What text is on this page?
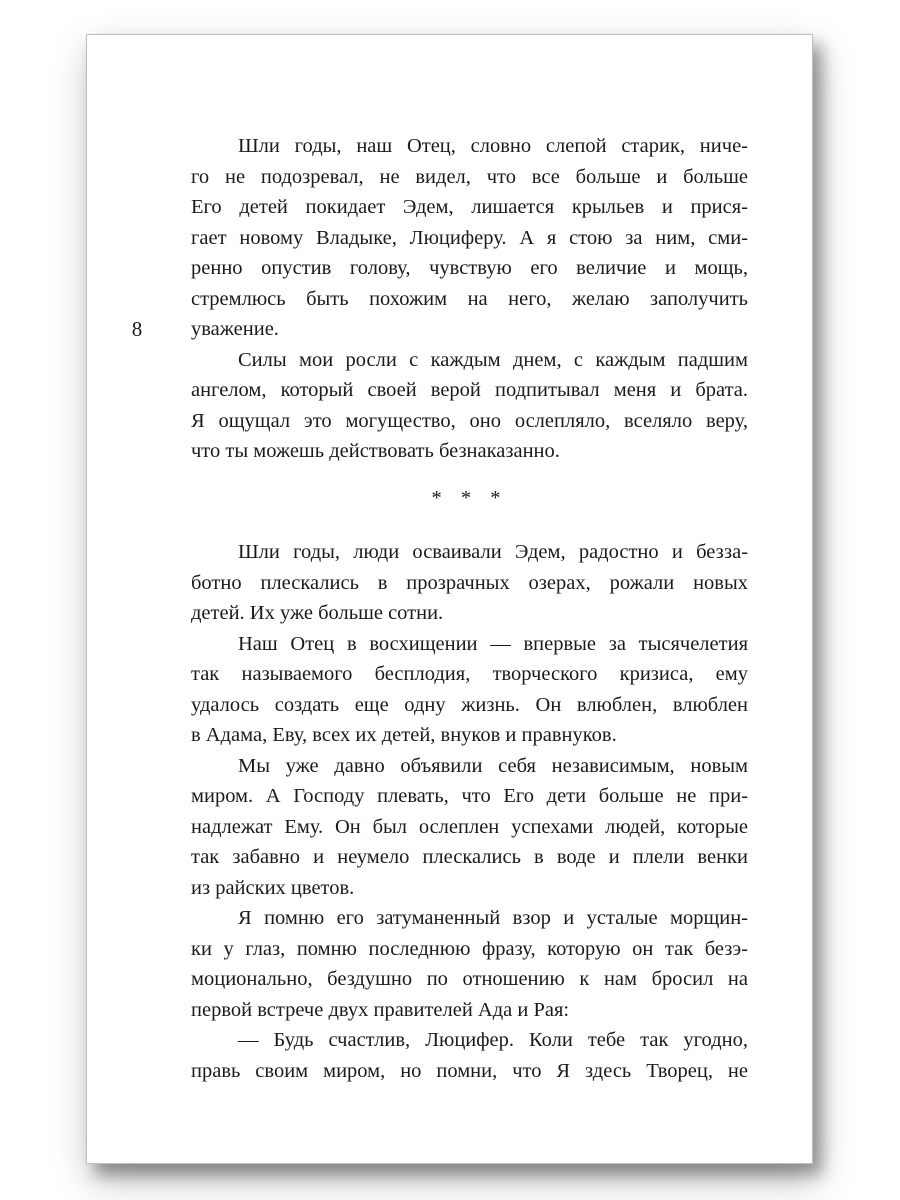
8
Шли годы, наш Отец, словно слепой старик, ниче-
го не подозревал, не видел, что все больше и больше
Его детей покидает Эдем, лишается крыльев и прися-
гает новому Владыке, Люциферу. А я стою за ним, сми-
ренно опустив голову, чувствую его величие и мощь,
стремлюсь быть похожим на него, желаю заполучить
уважение.
Силы мои росли с каждым днем, с каждым падшим
ангелом, который своей верой подпитывал меня и брата.
Я ощущал это могущество, оно ослепляло, вселяло веру,
что ты можешь действовать безнаказанно.
* * *
Шли годы, люди осваивали Эдем, радостно и безза-
ботно плескались в прозрачных озерах, рожали новых
детей. Их уже больше сотни.
Наш Отец в восхищении — впервые за тысячелетия
так называемого бесплодия, творческого кризиса, ему
удалось создать еще одну жизнь. Он влюблен, влюблен
в Адама, Еву, всех их детей, внуков и правнуков.
Мы уже давно объявили себя независимым, новым
миром. А Господу плевать, что Его дети больше не при-
надлежат Ему. Он был ослеплен успехами людей, которые
так забавно и неумело плескались в воде и плели венки
из райских цветов.
Я помню его затуманенный взор и усталые морщин-
ки у глаз, помню последнюю фразу, которую он так безэ-
моционально, бездушно по отношению к нам бросил на
первой встрече двух правителей Ада и Рая:
— Будь счастлив, Люцифер. Коли тебе так угодно,
правь своим миром, но помни, что Я здесь Творец, не
